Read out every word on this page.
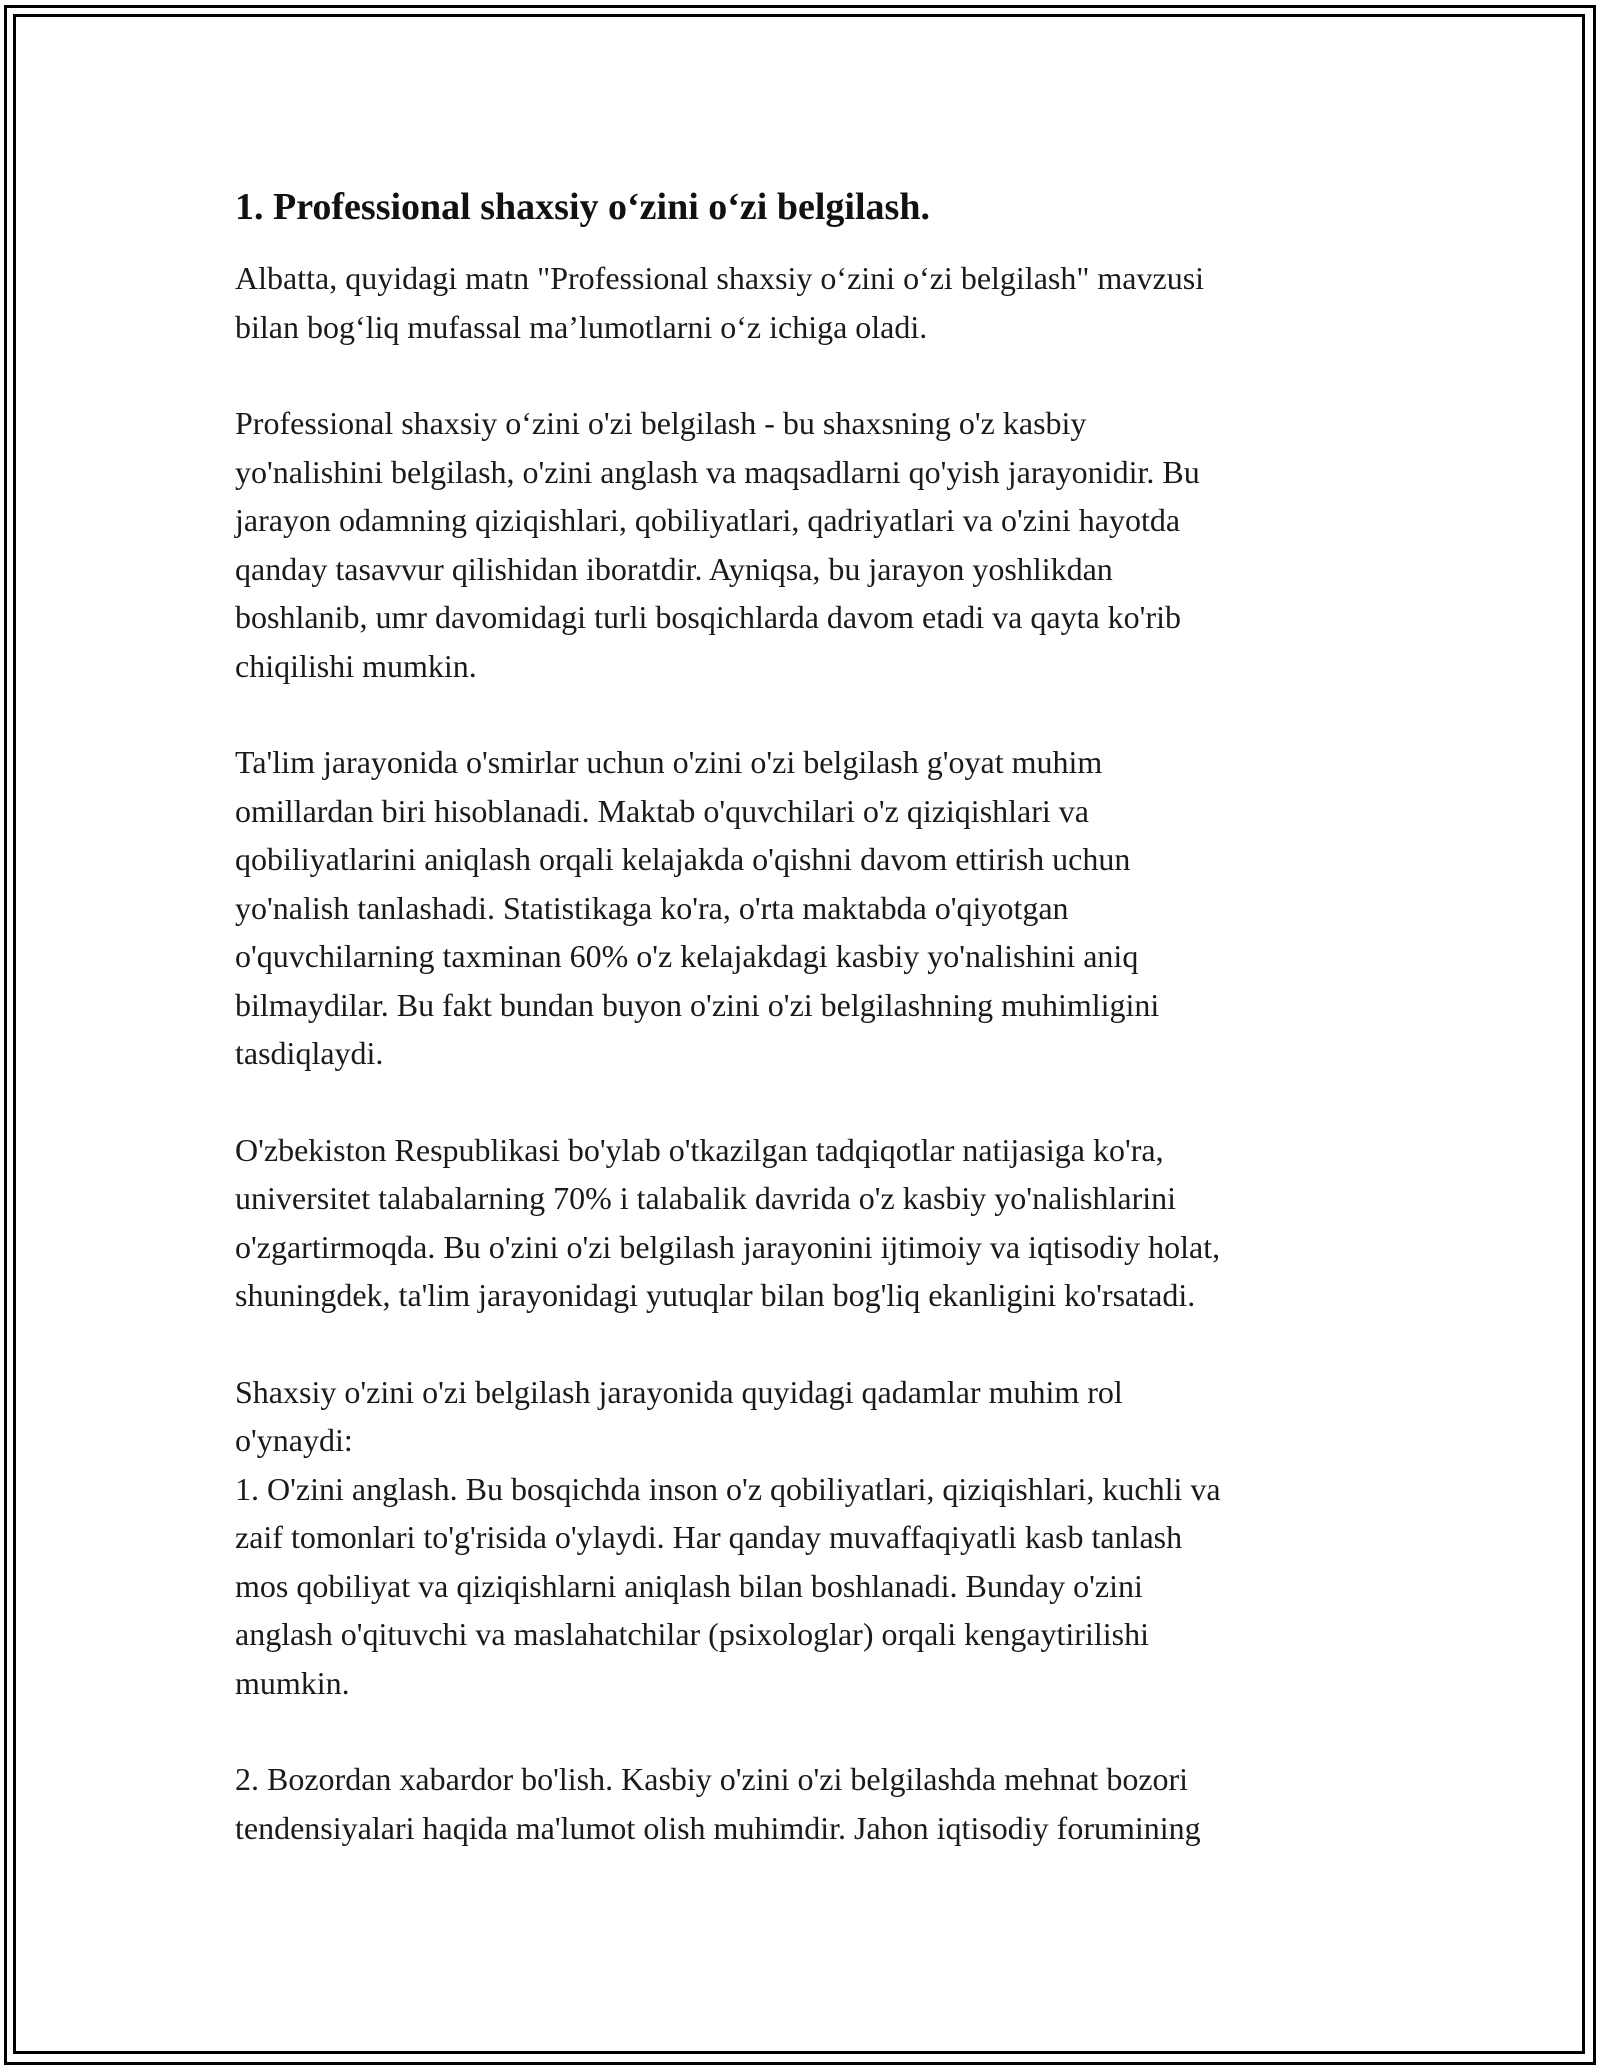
1. Professional shaxsiy o‘zini o‘zi belgilash.

Albatta, quyidagi matn "Professional shaxsiy o‘zini o‘zi belgilash" mavzusi
bilan bog‘liq mufassal ma’lumotlarni o‘z ichiga oladi.

Professional shaxsiy o‘zini o'zi belgilash - bu shaxsning o'z kasbiy
yo'nalishini belgilash, o'zini anglash va maqsadlarni qo'yish jarayonidir. Bu
jarayon odamning qiziqishlari, qobiliyatlari, qadriyatlari va o'zini hayotda
qanday tasavvur qilishidan iboratdir. Ayniqsa, bu jarayon yoshlikdan
boshlanib, umr davomidagi turli bosqichlarda davom etadi va qayta ko'rib
chiqilishi mumkin.

Ta'lim jarayonida o'smirlar uchun o'zini o'zi belgilash g'oyat muhim
omillardan biri hisoblanadi. Maktab o'quvchilari o'z qiziqishlari va
qobiliyatlarini aniqlash orqali kelajakda o'qishni davom ettirish uchun
yo'nalish tanlashadi. Statistikaga ko'ra, o'rta maktabda o'qiyotgan
o'quvchilarning taxminan 60% o'z kelajakdagi kasbiy yo'nalishini aniq
bilmaydilar. Bu fakt bundan buyon o'zini o'zi belgilashning muhimligini
tasdiqlaydi.

O'zbekiston Respublikasi bo'ylab o'tkazilgan tadqiqotlar natijasiga ko'ra,
universitet talabalarning 70% i talabalik davrida o'z kasbiy yo'nalishlarini
o'zgartirmoqda. Bu o'zini o'zi belgilash jarayonini ijtimoiy va iqtisodiy holat,
shuningdek, ta'lim jarayonidagi yutuqlar bilan bog'liq ekanligini ko'rsatadi.

Shaxsiy o'zini o'zi belgilash jarayonida quyidagi qadamlar muhim rol
o'ynaydi:
1. O'zini anglash. Bu bosqichda inson o'z qobiliyatlari, qiziqishlari, kuchli va
zaif tomonlari to'g'risida o'ylaydi. Har qanday muvaffaqiyatli kasb tanlash
mos qobiliyat va qiziqishlarni aniqlash bilan boshlanadi. Bunday o'zini
anglash o'qituvchi va maslahatchilar (psixologlar) orqali kengaytirilishi
mumkin.

2. Bozordan xabardor bo'lish. Kasbiy o'zini o'zi belgilashda mehnat bozori
tendensiyalari haqida ma'lumot olish muhimdir. Jahon iqtisodiy forumining
